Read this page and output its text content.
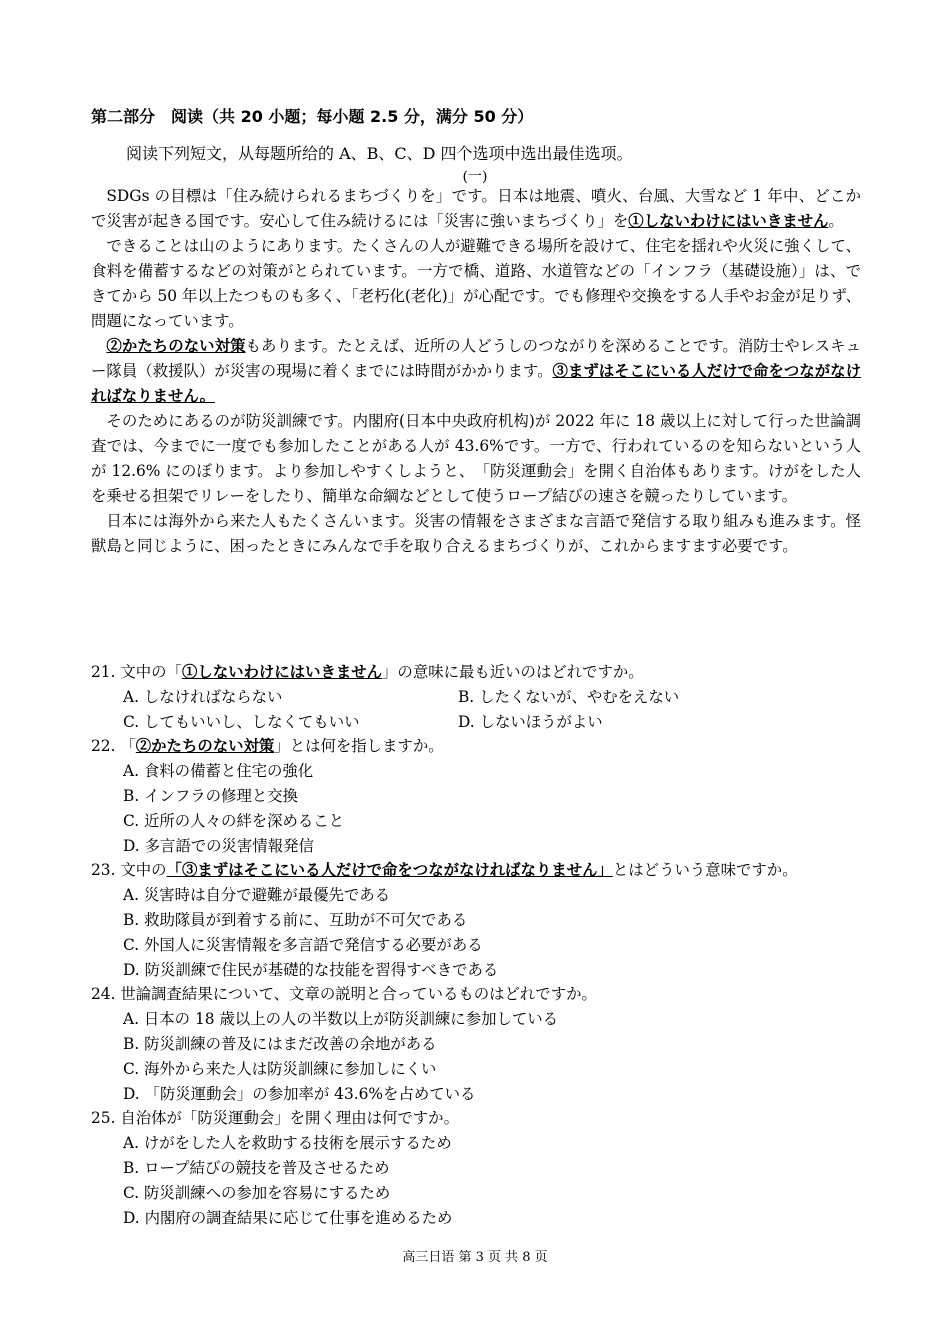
第二部分　阅读（共 20 小题；每小题 2.5 分，满分 50 分）
阅读下列短文，从每题所给的 A、B、C、D 四个选项中选出最佳选项。
(一)

SDGs の目標は「住み続けられるまちづくりを」です。日本は地震、噴火、台風、大雪など 1 年中、どこかで災害が起きる国です。安心して住み続けるには「災害に強いまちづくり」を①しないわけにはいきません。

できることは山のようにあります。たくさんの人が避難できる場所を設けて、住宅を揺れや火災に強くして、食料を備蓄するなどの対策がとられています。一方で橋、道路、水道管などの「インフラ（基礎设施）」は、できてから 50 年以上たつものも多く、「老朽化(老化)」が心配です。でも修理や交換をする人手やお金が足りず、問題になっています。

②かたちのない対策もあります。たとえば、近所の人どうしのつながりを深めることです。消防士やレスキュー隊員（救援队）が災害の現場に着くまでには時間がかかります。③まずはそこにいる人だけで命をつながなければなりません。

そのためにあるのが防災訓練です。内閣府(日本中央政府机构)が 2022 年に 18 歳以上に対して行った世論調査では、今までに一度でも参加したことがある人が 43.6%です。一方で、行われているのを知らないという人が 12.6% にのぼります。より参加しやすくしようと、　「防災運動会」を開く自治体もあります。けがをした人を乗せる担架でリレーをしたり、簡単な命綱などとして使うロープ結びの速さを競ったりしています。

日本には海外から来た人もたくさんいます。災害の情報をさまざまな言語で発信する取り組みも進みます。怪獣島と同じように、困ったときにみんなで手を取り合えるまちづくりが、これからますます必要です。

21. 文中の「①しないわけにはいきません」の意味に最も近いのはどれですか。
A. しなければならない	B. したくないが、やむをえない
C. してもいいし、しなくてもいい	D. しないほうがよい
22. 「②かたちのない対策」とは何を指しますか。
A. 食料の備蓄と住宅の強化
B. インフラの修理と交換
C. 近所の人々の絆を深めること
D. 多言語での災害情報発信
23. 文中の「③まずはそこにいる人だけで命をつながなければなりません」とはどういう意味ですか。
A. 災害時は自分で避難が最優先である
B. 救助隊員が到着する前に、互助が不可欠である
C. 外国人に災害情報を多言語で発信する必要がある
D. 防災訓練で住民が基礎的な技能を習得すべきである
24. 世論調査結果について、文章の説明と合っているものはどれですか。
A. 日本の 18 歳以上の人の半数以上が防災訓練に参加している
B. 防災訓練の普及にはまだ改善の余地がある
C. 海外から来た人は防災訓練に参加しにくい
D. 「防災運動会」の参加率が 43.6%を占めている
25. 自治体が「防災運動会」を開く理由は何ですか。
A. けがをした人を救助する技術を展示するため
B. ロープ結びの競技を普及させるため
C. 防災訓練への参加を容易にするため
D. 内閣府の調査結果に応じて仕事を進めるため
高三日语 第 3 页 共 8 页
